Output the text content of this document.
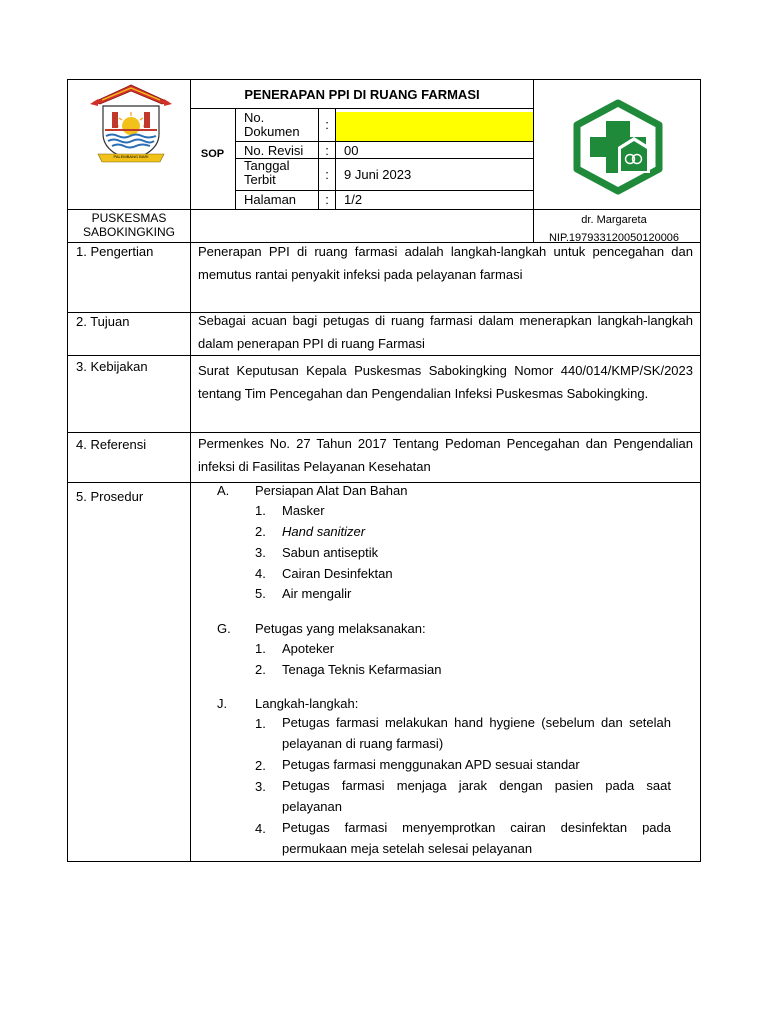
PALEMBANG BARI
PENERAPAN PPI DI RUANG FARMASI
SOP
No. Dokumen	:
No. Revisi	:	00
Tanggal Terbit	:	9 Juni 2023
Halaman	:	1/2
PUSKESMAS
SABOKINGKING
dr. Margareta
NIP.197933120050120006
1. Pengertian	Penerapan PPI di ruang farmasi adalah langkah-langkah untuk pencegahan dan memutus rantai penyakit infeksi pada pelayanan farmasi
2. Tujuan	Sebagai acuan bagi petugas di ruang farmasi dalam menerapkan langkah-langkah dalam penerapan PPI di ruang Farmasi
3. Kebijakan	Surat Keputusan Kepala Puskesmas Sabokingking Nomor 440/014/KMP/SK/2023 tentang Tim Pencegahan dan Pengendalian Infeksi Puskesmas Sabokingking.
4. Referensi	Permenkes No. 27 Tahun 2017 Tentang Pedoman Pencegahan dan Pengendalian infeksi di Fasilitas Pelayanan Kesehatan
5. Prosedur	A. Persiapan Alat Dan Bahan
1. Masker
2. Hand sanitizer
3. Sabun antiseptik
4. Cairan Desinfektan
5. Air mengalir
G. Petugas yang melaksanakan:
1. Apoteker
2. Tenaga Teknis Kefarmasian
J. Langkah-langkah:
1. Petugas farmasi melakukan hand hygiene (sebelum dan setelah pelayanan di ruang farmasi)
2. Petugas farmasi menggunakan APD sesuai standar
3. Petugas farmasi menjaga jarak dengan pasien pada saat pelayanan
4. Petugas farmasi menyemprotkan cairan desinfektan pada permukaan meja setelah selesai pelayanan
